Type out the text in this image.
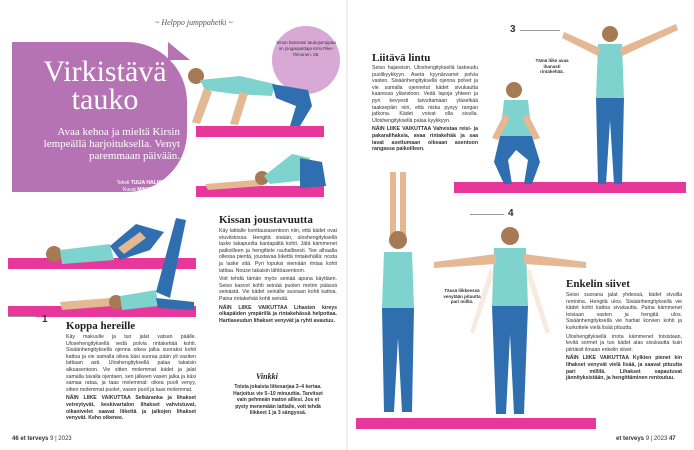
~ Helppo jumppahetki ~
Virkistävä tauko
Avaa kehoa ja mieltä Kirsin lempeällä harjoituksella. Venyt paremmaan päivään.
Teksti TUIJA HALMEKOSKI
Kuvat MIKKO HANNULA
Sinun kanssasi taukojumppaa on joogaopettaja Kirsi Pike-Tiimonen, 55.
1
Koppa hereille

Käy makuulle ja tuo jalat vatsan päälle. Ulosehengityksellä vedä polvia rintakehää kohti. Sisäänhengityksellä ojenna oikea jalka suoraksi kohti kattoa ja vie samalla oikea käsi suoraa pään yli vasiten lattiaan asti. Uloshengityksellä palaa takaisin alkuasentoon. Vie sitten molemmat kädet ja jalat samalla tavalla ojentaen, sen jälkeen vasen jalka ja käsi samaa rataa, ja taas molemmat: oikea puoli venyy, sitten molemmat puolet, vasen puoli ja taas molemmat.

NÄIN LIIKE VAIKUTTAA Selkäranka ja lihakset vetreytyvät, keskivartalon lihakset vahvistuvat, olkanivelet saavat liikettä ja jalkojen lihakset venyvät. Keho oikenee.

Kissan joustavuutta

Käy lattialle konttausasentoon niin, että kädet ovat etuviistossa. Hengitä sisään, uloshengityksellä laske takapuolta kantapäitä kohti. Jätä kämmenet paikoilleen ja hengittele rauhallisesti. Tee alhaalla ollessa pientä, joustavaa liikettä rintakehällä: nosta ja laske sitä. Pyri lopuksi viemään rintaa kohti lattiaa. Nouse takaisin lähtöasentoon.

Voit tehdä tämän myös seinää apuna käyttäen. Seiso kasvot kohti seinää puolen metrin päässä seinästä. Vie kädet seinälle suoraan kohti kattoa. Paina rintakehää kohti seinää.

NÄIN LIIKE VAIKUTTAA Lihasten kireys olkapäiden ympärillä ja rintakehässä helpottaa. Hartiaseudun lihakset venyvät ja ryhti avautuu.

Vinkki
Toista jokaista liikesarjaa 3–4 kertaa. Harjoitus vie 5–10 minuuttia. Tarvitset vain pehmeän maton alllesi. Jos et pysty menemään lattialle, voit tehdä liikkeet 1 ja 3 sängyssä.
46 et terveys 9 | 2023
Liitävä lintu

Seiso hajareisin. Uloshengityksellä laskeudu puolikyykkyyn. Aseta kyynärvarret polvia vasten. Sisäänhengityksellä ojenna polvet ja vie samalla ojennetut kädet sivukautta kaaressa ylävistoon. Vedä lapoja yhteen ja pyri kevyesti taivuttamaan yläselkää taaksepäin niin, että niska pysyy rangan jatkona. Kädet voivat olla sivulla. Uloshengityksellä palaa kyykkyyn.

NÄIN LIIKE VAIKUTTAA Vahvistaa reisi- ja pakaralihaksia, avaa rintakehää ja saa lavat asettumaan oikeaan asentoon rangassa paikoilleen.

3
Tämä liike avaa ihanasti rintakehää.
4
Tässä liikkeessä venytään pituutta pari milliä.
Enkelin siivet

Seiso suorana jalat yhdessä, kädet sivuilla rentoina. Hengitä ulos. Sisäänhengityksellä vie kädet kohti kattoa sivukautta. Paina kämmenet toisiaan vasten ja hengitä ulos. Sisäänhengityksellä vie hartiat korvien kohti ja kurkottele vielä lisää pituutta.

Uloshengityksellä irrota kämmenet toisistaan, levitä sormet ja tuo kädet alas sivukautta kuin piirtäisit ilmaan enkelin siivet.

NÄIN LIIKE VAIKUTTAA Kylkien pienet kin lihakset venyvät vielä lisää, ja saavat pituutta pari millilä. Lihakset vapautuvat jännityksistään, ja hengittäminen rentoutuu.

et terveys 9 | 2023 47
